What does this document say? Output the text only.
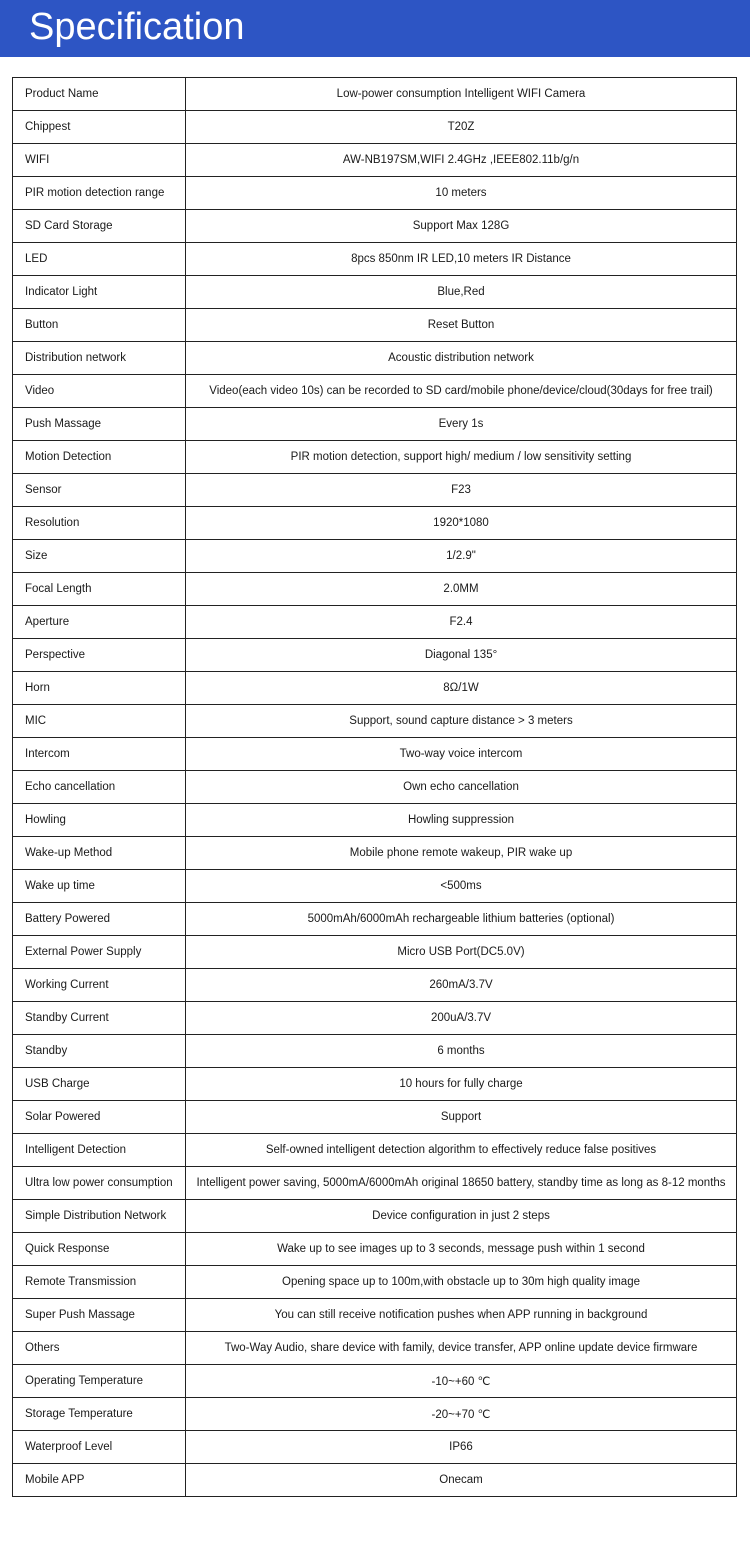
Specification
Product Name	Low-power consumption Intelligent WIFI Camera
Chippest	T20Z
WIFI	AW-NB197SM,WIFI 2.4GHz ,IEEE802.11b/g/n
PIR motion detection range	10 meters
SD Card Storage	Support Max 128G
LED	8pcs 850nm IR LED,10 meters IR Distance
Indicator Light	Blue,Red
Button	Reset Button
Distribution network	Acoustic distribution network
Video	Video(each video 10s) can be recorded to SD card/mobile phone/device/cloud(30days for free trail)
Push Massage	Every 1s
Motion Detection	PIR motion detection, support high/ medium / low sensitivity setting
Sensor	F23
Resolution	1920*1080
Size	1/2.9"
Focal Length	2.0MM
Aperture	F2.4
Perspective	Diagonal 135°
Horn	8Ω/1W
MIC	Support, sound capture distance > 3 meters
Intercom	Two-way voice intercom
Echo cancellation	Own echo cancellation
Howling	Howling suppression
Wake-up Method	Mobile phone remote wakeup, PIR wake up
Wake up time	<500ms
Battery Powered	5000mAh/6000mAh rechargeable lithium batteries (optional)
External Power Supply	Micro USB Port(DC5.0V)
Working Current	260mA/3.7V
Standby Current	200uA/3.7V
Standby	6 months
USB Charge	10 hours for fully charge
Solar Powered	Support
Intelligent Detection	Self-owned intelligent detection algorithm to effectively reduce false positives
Ultra low power consumption	Intelligent power saving, 5000mA/6000mAh original 18650 battery, standby time as long as 8-12 months
Simple Distribution Network	Device configuration in just 2 steps
Quick Response	Wake up to see images up to 3 seconds, message push within 1 second
Remote Transmission	Opening space up to 100m,with obstacle up to 30m high quality image
Super Push Massage	You can still receive notification pushes when APP running in background
Others	Two-Way Audio, share device with family, device transfer, APP online update device firmware
Operating Temperature	-10~+60 ℃
Storage Temperature	-20~+70 ℃
Waterproof Level	IP66
Mobile APP	Onecam
